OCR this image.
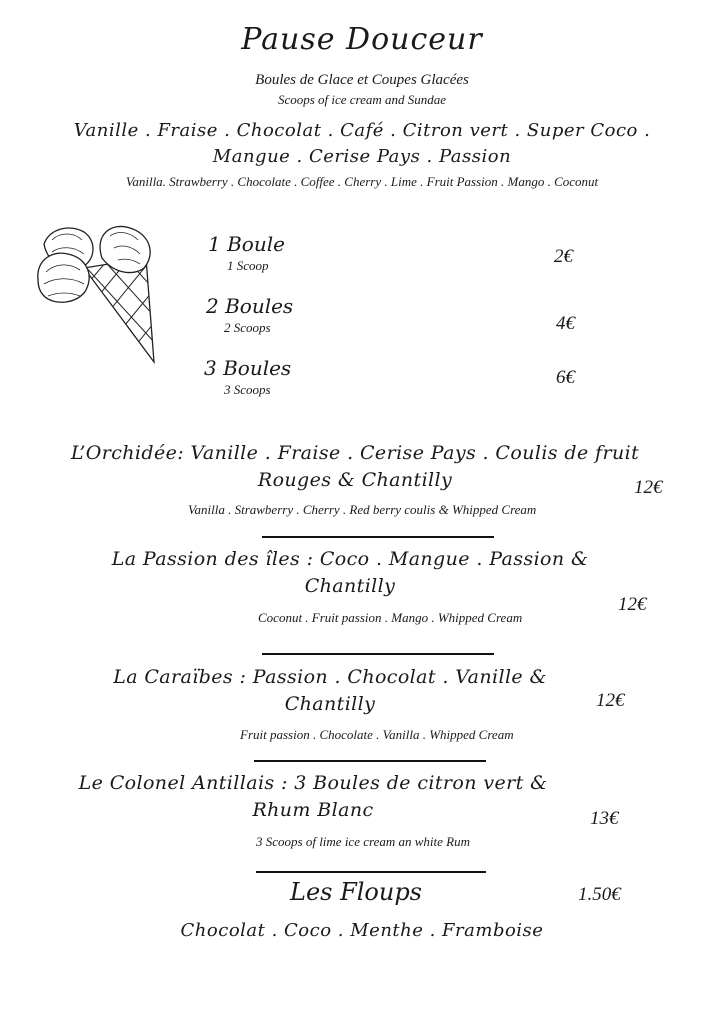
Pause Douceur
Boules de Glace et Coupes Glacées
Scoops of ice cream and Sundae
Vanille . Fraise . Chocolat . Café . Citron vert . Super Coco . Mangue . Cerise Pays . Passion
Vanilla. Strawberry . Chocolate . Coffee . Cherry . Lime . Fruit Passion . Mango . Coconut
1 Boule
1 Scoop	2€
2 Boules
2 Scoops	4€
3 Boules
3 Scoops
6€
L’Orchidée: Vanille . Fraise . Cerise Pays . Coulis de fruit Rouges & Chantilly	12€
Vanilla . Strawberry . Cherry . Red berry coulis & Whipped Cream
La Passion des îles : Coco . Mangue . Passion & Chantilly
12€
Coconut . Fruit passion . Mango . Whipped Cream
La Caraïbes : Passion . Chocolat . Vanille & Chantilly	12€
Fruit passion . Chocolate . Vanilla . Whipped Cream
Le Colonel Antillais : 3 Boules de citron vert & Rhum Blanc	13€
3 Scoops of lime ice cream an white Rum
Les Floups	1.50€
Chocolat . Coco . Menthe . Framboise
